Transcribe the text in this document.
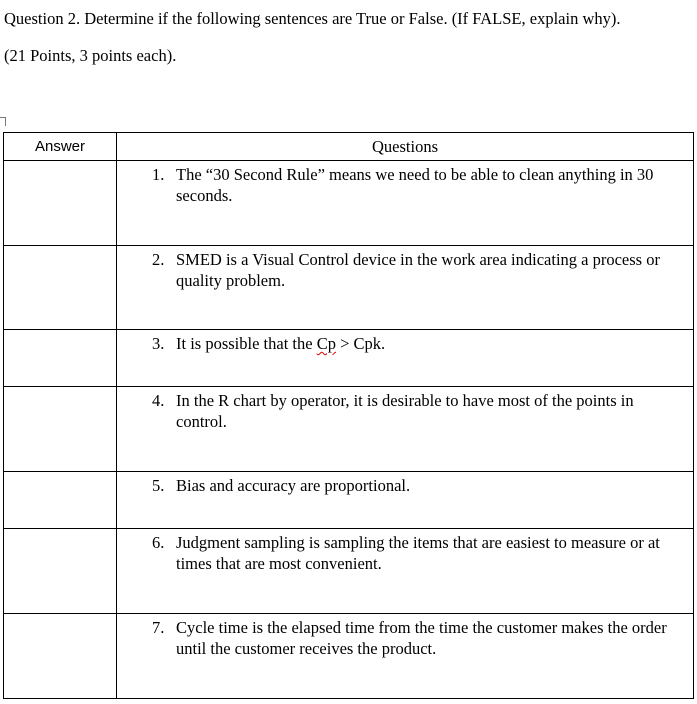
Question 2. Determine if the following sentences are True or False. (If FALSE, explain why).
(21 Points, 3 points each).
Answer	Questions

	1. The “30 Second Rule” means we need to be able to clean anything in 30 seconds.

	2. SMED is a Visual Control device in the work area indicating a process or quality problem.

	3. It is possible that the Cp > Cpk.

	4. In the R chart by operator, it is desirable to have most of the points in control.

	5. Bias and accuracy are proportional.

	6. Judgment sampling is sampling the items that are easiest to measure or at times that are most convenient.

	7. Cycle time is the elapsed time from the time the customer makes the order until the customer receives the product.
